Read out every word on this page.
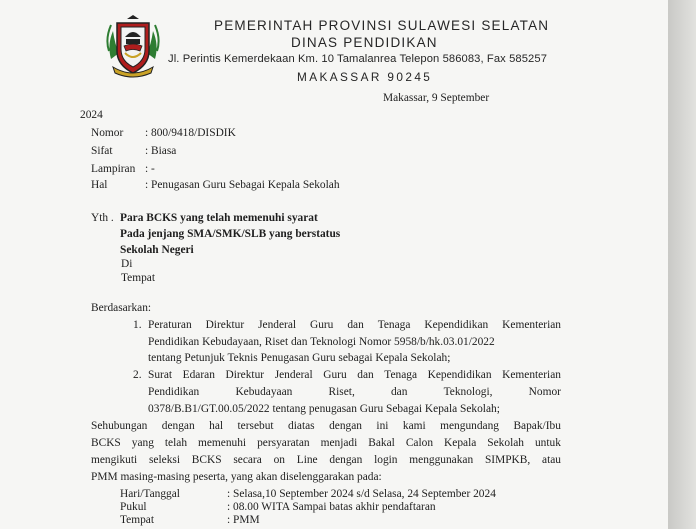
PEMERINTAH PROVINSI SULAWESI SELATAN
DINAS PENDIDIKAN
Jl. Perintis Kemerdekaan Km. 10 Tamalanrea Telepon 586083, Fax 585257
MAKASSAR 90245
Makassar, 9 September
2024
Nomor : 800/9418/DISDIK
Sifat	: Biasa
Lampiran : -
Hal	: Penugasan Guru Sebagai Kepala Sekolah
Yth . Para BCKS yang telah memenuhi syarat
Pada jenjang SMA/SMK/SLB yang berstatus
Sekolah Negeri
Di
Tempat
Berdasarkan:
1. Peraturan Direktur Jenderal Guru dan Tenaga Kependidikan Kementerian
Pendidikan Kebudayaan, Riset dan Teknologi Nomor 5958/b/hk.03.01/2022
tentang Petunjuk Teknis Penugasan Guru sebagai Kepala Sekolah;
2. Surat Edaran Direktur Jenderal Guru dan Tenaga Kependidikan Kementerian
Pendidikan	Kebudayaan	Riset,	dan	Teknologi,	Nomor
0378/B.B1/GT.00.05/2022 tentang penugasan Guru Sebagai Kepala Sekolah;
Sehubungan dengan hal tersebut diatas dengan ini kami mengundang Bapak/Ibu
BCKS yang telah memenuhi persyaratan menjadi Bakal Calon Kepala Sekolah untuk
mengikuti seleksi BCKS secara on Line dengan login menggunakan SIMPKB, atau
PMM masing-masing peserta, yang akan diselenggarakan pada:
Hari/Tanggal	: Selasa,10 September 2024 s/d Selasa, 24 September 2024
Pukul	: 08.00 WITA Sampai batas akhir pendaftaran
Tempat	: PMM
